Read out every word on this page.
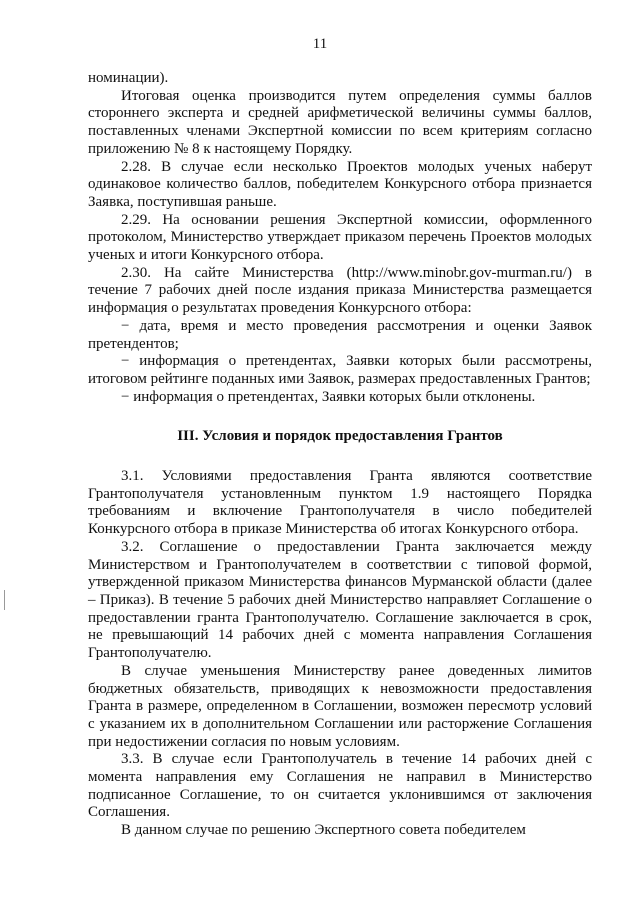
11

номинации).

Итоговая оценка производится путем определения суммы баллов стороннего эксперта и средней арифметической величины суммы баллов, поставленных членами Экспертной комиссии по всем критериям согласно приложению № 8 к настоящему Порядку.

2.28. В случае если несколько Проектов молодых ученых наберут одинаковое количество баллов, победителем Конкурсного отбора признается Заявка, поступившая раньше.

2.29. На основании решения Экспертной комиссии, оформленного протоколом, Министерство утверждает приказом перечень Проектов молодых ученых и итоги Конкурсного отбора.

2.30. На сайте Министерства (http://www.minobr.gov-murman.ru/) в течение 7 рабочих дней после издания приказа Министерства размещается информация о результатах проведения Конкурсного отбора:

− дата, время и место проведения рассмотрения и оценки Заявок претендентов;

− информация о претендентах, Заявки которых были рассмотрены, итоговом рейтинге поданных ими Заявок, размерах предоставленных Грантов;

− информация о претендентах, Заявки которых были отклонены.

III. Условия и порядок предоставления Грантов

3.1. Условиями предоставления Гранта являются соответствие Грантополучателя установленным пунктом 1.9 настоящего Порядка требованиям и включение Грантополучателя в число победителей Конкурсного отбора в приказе Министерства об итогах Конкурсного отбора.

3.2. Соглашение о предоставлении Гранта заключается между Министерством и Грантополучателем в соответствии с типовой формой, утвержденной приказом Министерства финансов Мурманской области (далее – Приказ). В течение 5 рабочих дней Министерство направляет Соглашение о предоставлении гранта Грантополучателю. Соглашение заключается в срок, не превышающий 14 рабочих дней с момента направления Соглашения Грантополучателю.

В случае уменьшения Министерству ранее доведенных лимитов бюджетных обязательств, приводящих к невозможности предоставления Гранта в размере, определенном в Соглашении, возможен пересмотр условий с указанием их в дополнительном Соглашении или расторжение Соглашения при недостижении согласия по новым условиям.

3.3. В случае если Грантополучатель в течение 14 рабочих дней с момента направления ему Соглашения не направил в Министерство подписанное Соглашение, то он считается уклонившимся от заключения Соглашения.

В данном случае по решению Экспертного совета победителем
